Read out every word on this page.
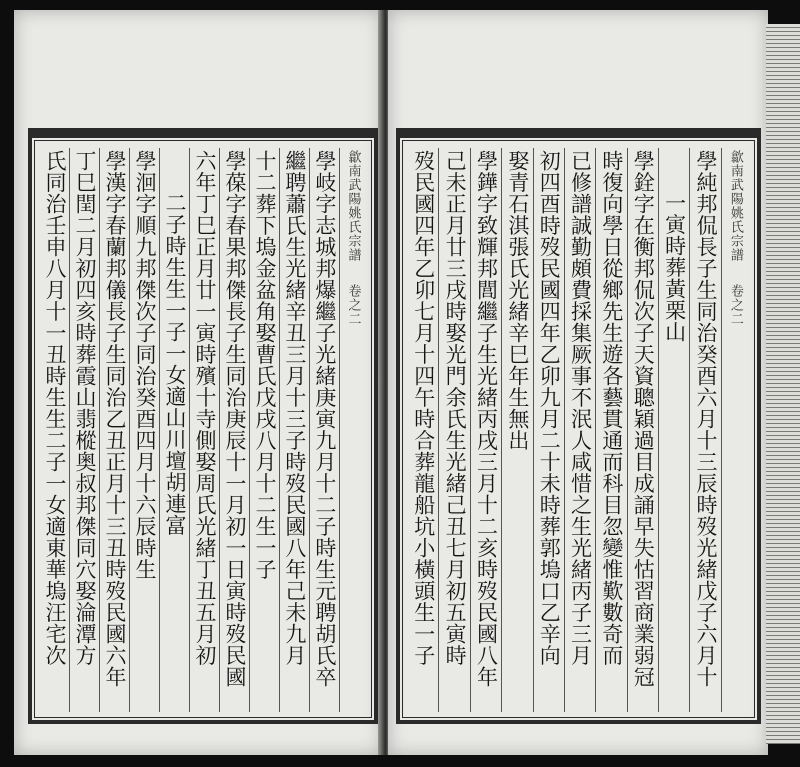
歙南武陽姚氏宗譜
卷之二
學岐字志城邦爆繼子光緒庚寅九月十二子時生元聘胡氏卒
繼聘蕭氏生光緒辛丑三月十三子時歿民國八年己未九月
十二葬下塢金盆角娶曹氏戊戌八月十二生一子
學葆字春果邦傑長子生同治庚辰十一月初一日寅時歿民國
六年丁巳正月廿一寅時殯十寺側娶周氏光緒丁丑五月初
二子時生生一子一女適山川壇胡連富
學洄字順九邦傑次子同治癸酉四月十六辰時生
學漢字春蘭邦儀長子生同治乙丑正月十三丑時歿民國六年
丁巳閏二月初四亥時葬霞山翡樅奥叔邦傑同穴娶淪潭方
氏同治壬申八月十一丑時生生二子一女適東華塢汪宅次	歙南武陽姚氏宗譜
卷之二
學純邦侃長子生同治癸酉六月十三辰時歿光緒戊子六月十
一寅時葬黃栗山
學銓字在衡邦侃次子天資聰穎過目成誦早失怙習商業弱冠
時復向學日從鄉先生遊各藝貫通而科目忽變惟歎數奇而
已修譜誠勤頗費採集厥事不泯人咸惜之生光緒丙子三月
初四酉時歿民國四年乙卯九月二十未時葬郭塢口乙辛向
娶青石淇張氏光緒辛巳年生無出
學鏵字致輝邦閭繼子生光緒丙戌三月十二亥時歿民國八年
己未正月廿三戌時娶光門余氏生光緒己丑七月初五寅時
歿民國四年乙卯七月十四午時合葬龍船坑小橫頭生一子
